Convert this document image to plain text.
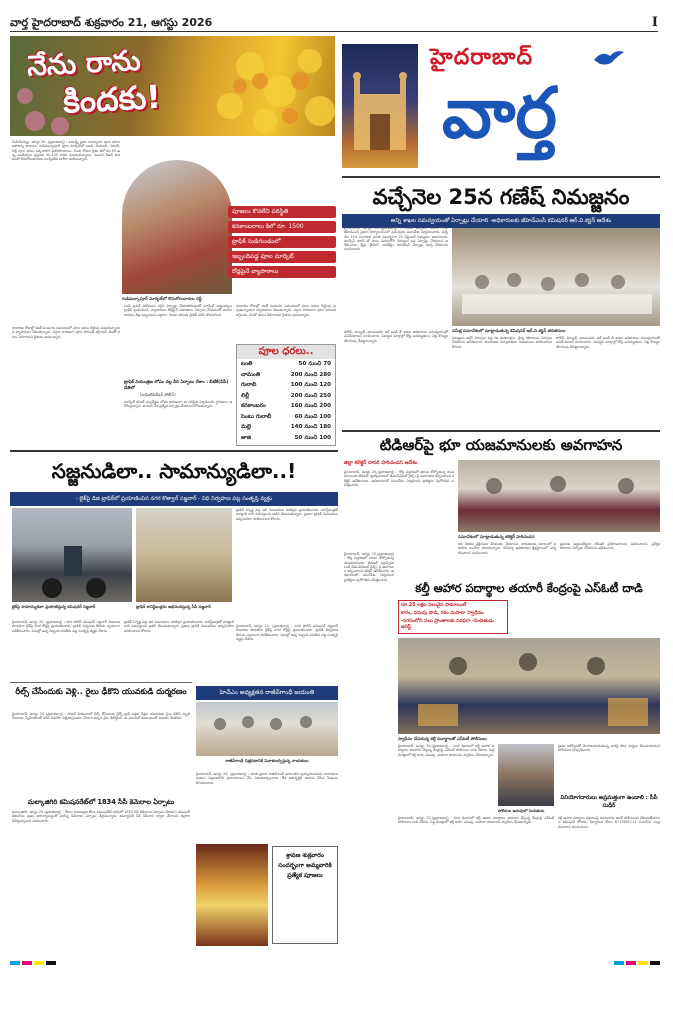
వార్త హైదరాబాద్ శుక్రవారం 21, ఆగస్టు 2026	I
నేను రాను
కిందకు!
హైదరాబాద్
వార్త
మెహిదీపట్నం, ఆగస్టు 20, (ప్రభాతవార్త) : వరలక్ష్మీ వ్రతం సందర్భంగా పూల ధరలు ఆకాశాన్ని తాకాయి. గుడిమల్కాపూర్ పూల మార్కెట్‌లో బంతి, చామంతి, గులాబీ, లిల్లీ పూల ధరలు ఒక్కసారిగా పెరిగిపోయాయి. రెండు రోజుల క్రితం కిలో రూ.50 ఉన్న బంతిపూలు ప్రస్తుతం రూ.100 వరకు పలుకుతున్నాయి. పండుగ సీజన్ కావడంతో కొనుగోలుదారులు మార్కెట్‌కు భారీగా తరలివచ్చారు.
పూజలు కొనలేని పరిస్థితి
కనకాంబరాలు కిలో రూ. 1500
ట్రాఫిక్ సుడిగుండంలో
ఇబ్బందిపడ్డ పూల మార్కెట్
రోడ్లపైనే వ్యాపారాలు
గుడిమల్కాపూర్ మార్కెట్‌లో కొనుగోలుదారుల రద్దీ
సాధారణ రోజుల్లో కంటే పండుగల సమయంలో పూల ధరలు రెట్టింపు అవుతున్నాయని వ్యాపారులు చెబుతున్నారు. వర్షాల కారణంగా పూల దిగుబడి తగ్గిందని, దీంతో ధరలు పెరిగాయని రైతులు అంటున్నారు.
ఎంపీ ట్రాఫిక్ పోలీసులు సరైన ఏర్పాట్లు చేయకపోవడంతో మార్కెట్ చుట్టుపక్కల ట్రాఫిక్ స్తంభించింది. వ్యాపారులు రోడ్లపైనే దుకాణాలు ఏర్పాటు చేయడంతో వాహనదారులు తీవ్ర ఇబ్బందులు పడ్డారు. గంటల తరబడి ట్రాఫిక్ జామ్ కొనసాగింది.
ట్రాఫిక్ నియంత్రణ లోపం వల్ల వీరి ఏర్పాటు చేశాం : బీటీకే(వీపీ) చేతిలో
(ఐడెంటిఫికేషన్ పోలీస్)
మార్కెట్ కమిటీ పర్యవేక్షణ లోపం కారణంగా ఈ పరిస్థితి ఏర్పడిందని స్థానికులు ఆరోపిస్తున్నారు. పండుగ వేళ ప్రత్యేక ఏర్పాట్లు చేయాలని కోరుతున్నారు.
సాధారణ రోజుల్లో కంటే పండుగల సమయంలో పూల ధరలు రెట్టింపు అవుతున్నాయని వ్యాపారులు చెబుతున్నారు. వర్షాల కారణంగా పూల దిగుబడి తగ్గిందని, దీంతో ధరలు పెరిగాయని రైతులు అంటున్నారు.
పూల ధరలు..
బంతి	50 నుంచి 70
చామంతి	200 నుంచి 280
గులాబి	100 నుంచి 120
లిల్లీ	200 నుంచి 250
కనకాంబరం	160 నుంచి 200
సెంటు గులాబీ	60 నుంచి 100
మల్లె	140 నుంచి 180
జాజి	50 నుంచి 100
వచ్చేనెల 25న గణేష్ నిమజ్జనం
అన్ని శాఖల సమన్వయంతో ఏర్పాట్లు చేయాలి -అధికారులకు జీహెచ్ఎంసీ కమిషనర్ ఆర్.వి.కర్ణన్ ఆదేశం
హైదరాబాద్, ఆగస్టు 20,(ప్రభాతవార్త) : గణేష్ ఉత్సవం 2026 రోజు జీహెచ్ఎంసీ ప్రధాన కార్యాలయంలో సమన్వయ సమావేశం నిర్వహించారు. వచ్చే నెల 14న వినాయక చవితి సందర్భంగా 25 సెప్టెంబర్ నిమజ్జనం జరుగనుంది. హుస్సేన్ సాగర్ తో పాటు నగరంలోని చెరువుల వద్ద ఏర్పాట్లు చేయాలని ఆదేశించారు. క్రేన్లు, లైటింగ్, బారికేడ్లు, శానిటేషన్ ఏర్పాట్లు పూర్తి చేయాలని సూచించారు.
సమీక్ష సమావేశంలో మాట్లాడుతున్న కమిషనర్ ఆర్.వి.కర్ణన్ తదితరులు
పోలీస్, విద్యుత్, జలమండలి, ఆర్ అండ్ బీ శాఖల అధికారులు సమన్వయంతో పనిచేయాలని సూచించారు. నిమజ్జన మార్గాల్లో రోడ్ల మరమ్మతులు, చెట్ల కొమ్మల తొలగింపు చేపట్టాలన్నారు.
నిమజ్జనం జరిగే చెరువుల వద్ద గజ ఈతగాళ్లను, వైద్య శిబిరాలను ఏర్పాటు చేయాలని ఆదేశించారు. మండపాల నిర్వాహకులు నిబంధనలు పాటించాలని కోరారు.
పోలీస్, విద్యుత్, జలమండలి, ఆర్ అండ్ బీ శాఖల అధికారులు సమన్వయంతో పనిచేయాలని సూచించారు. నిమజ్జన మార్గాల్లో రోడ్ల మరమ్మతులు, చెట్ల కొమ్మల తొలగింపు చేపట్టాలన్నారు.
టిడిఆర్‌పై భూ యజమానులకు అవగాహన
జిల్లా కలెక్టర్ దాసరి హరిచందన ఆదేశం
హైదరాబాద్, ఆగస్టు 20,(ప్రభాతవార్త) : రోడ్ల విస్తరణలో భూమి కోల్పోతున్న యజమానులకు టిడిఆర్ (ట్రాన్స్‌ఫరబుల్ డెవలప్‌మెంట్ రైట్స్) పై అవగాహన కల్పించాలని కలెక్టర్ ఆదేశించారు. అధికారులతో సమావేశం నిర్వహించి ప్రాజెక్టుల పురోగతిని సమీక్షించారు.
సమావేశంలో మాట్లాడుతున్న కలెక్టర్ హరిచందన
భూ సేకరణ ప్రక్రియను వేగవంతం చేయాలని, బాధితులకు సకాలంలో పరిహారం అందేలా చూడాలన్నారు. రెవెన్యూ అధికారులు క్షేత్రస్థాయిలో పర్యటించాలని సూచించారు.
ప్రజలకు అర్థమయ్యేలా టిడిఆర్ ప్రయోజనాలను వివరించాలని, ప్రత్యేక శిబిరాలు ఏర్పాటు చేయాలని ఆదేశించారు.
కల్తీ ఆహార పదార్థాల తయారీ కేంద్రంపై ఎస్ఓటీ దాడి
రూ.25 లక్షల విలువైన పామాయిల్
కారం, పసుపు పొడి, గరం మసాలా స్వాధీనం
-నగరంలోని పలు ప్రాంతాలకు సరఫరా -నిందితుడు అరెస్ట్
స్వాధీనం చేసుకున్న కల్తీ పదార్థాలతో ఎస్ఓటీ పోలీసులు
హైదరాబాద్, ఆగస్టు 20,(ప్రభాతవార్త) : నగర శివారులో కల్తీ ఆహార పదార్థాలు తయారు చేస్తున్న కేంద్రంపై ఎస్ఓటీ పోలీసులు దాడి చేశారు. పెద్ద మొత్తంలో కల్తీ కారం, పసుపు, మసాలా పొడులను స్వాధీనం చేసుకున్నారు.
పోలీసుల అదుపులో నిందితుడు
ప్రజల ఆరోగ్యంతో చెలగాటమాడుతున్న వారిపై కఠిన చర్యలు తీసుకుంటామని పోలీసులు హెచ్చరించారు.
వినియోగదారులు అప్రమత్తంగా ఉండాలి : సీపీ సుధీర్
కల్తీ ఆహార పదార్థాల విక్రయంపై సమాచారం ఉంటే పోలీసులకు తెలియజేయాలని కమిషనర్ కోరారు. ఫిర్యాదుల కోసం 8712661111 నంబర్‌ను సంప్రదించాలని సూచించారు.
హైదరాబాద్, ఆగస్టు 20,(ప్రభాతవార్త) : నగర శివారులో కల్తీ ఆహార పదార్థాలు తయారు చేస్తున్న కేంద్రంపై ఎస్ఓటీ పోలీసులు దాడి చేశారు. పెద్ద మొత్తంలో కల్తీ కారం, పసుపు, మసాలా పొడులను స్వాధీనం చేసుకున్నారు.
సజ్జనుడిలా.. సామాన్యుడిలా..!
- బైక్‌పై డిజి ట్రాఫిక్‌లో ప్రయాణించిన నగర కొత్వాల్ సజ్జనార్ - విధి నిర్వహణ పట్ల సంతృప్తి వ్యక్తం
బైక్‌పై సామాన్యుడిలా ప్రయాణిస్తున్న కమిషనర్ సజ్జనార్	ట్రాఫిక్ కానిస్టేబుళ్లను అభినందిస్తున్న సీపీ సజ్జనార్
ట్రాఫిక్ సిగ్నళ్ల వద్ద ఆగి నిబంధనలు పాటిస్తూ ప్రయాణించారు. కానిస్టేబుళ్లతో మాట్లాడి వారి సమస్యలను అడిగి తెలుసుకున్నారు. ప్రజలు ట్రాఫిక్ నిబంధనలు తప్పనిసరిగా పాటించాలని కోరారు.
హైదరాబాద్, ఆగస్టు 20, (ప్రభాతవార్త) : నగర పోలీస్ కమిషనర్ సజ్జనార్ సాధారణ పౌరుడిలా బైక్‌పై నగర రోడ్లపై ప్రయాణించారు. ట్రాఫిక్ నిర్వహణ తీరును స్వయంగా పరిశీలించారు. విధుల్లో ఉన్న సిబ్బంది పనితీరు పట్ల సంతృప్తి వ్యక్తం చేశారు.
ట్రాఫిక్ సిగ్నళ్ల వద్ద ఆగి నిబంధనలు పాటిస్తూ ప్రయాణించారు. కానిస్టేబుళ్లతో మాట్లాడి వారి సమస్యలను అడిగి తెలుసుకున్నారు. ప్రజలు ట్రాఫిక్ నిబంధనలు తప్పనిసరిగా పాటించాలని కోరారు.
హైదరాబాద్, ఆగస్టు 20, (ప్రభాతవార్త) : నగర పోలీస్ కమిషనర్ సజ్జనార్ సాధారణ పౌరుడిలా బైక్‌పై నగర రోడ్లపై ప్రయాణించారు. ట్రాఫిక్ నిర్వహణ తీరును స్వయంగా పరిశీలించారు. విధుల్లో ఉన్న సిబ్బంది పనితీరు పట్ల సంతృప్తి వ్యక్తం చేశారు.
రీల్స్ చేసేందుకు వెళ్లి.. రైలు ఢీకొని యువకుడి దుర్మరణం
హైదరాబాద్, ఆగస్టు 20 (ప్రభాతవార్త) : సోషల్ మీడియాలో రీల్స్ చేసేందుకు రైల్వే ట్రాక్ వద్దకు వెళ్లిన యువకుడు రైలు ఢీకొని మృతి చెందాడు. స్నేహితులతో కలిసి వీడియో చిత్రీకరిస్తుండగా వేగంగా వచ్చిన రైలు ఢీకొట్టింది. ఈ ఘటనతో కుటుంబంలో విషాదం నెలకొంది.
మల్కాజిగిరి కమిషనరేట్‌లో 1834 సీసీ కెమెరాల ఏర్పాటు
మల్కాజిగిరి, ఆగస్టు 20 (ప్రభాతవార్త) : నేరాల నియంత్రణ కోసం కమిషనరేట్ పరిధిలో 1834 సీసీ కెమెరాలు ఏర్పాటు చేశామని కమిషనర్ తెలిపారు. ప్రజల భాగస్వామ్యంతో మరిన్ని కెమెరాలు ఏర్పాటు చేస్తామన్నారు. కమ్యూనిటీ సీసీ కెమెరాల ద్వారా నేరాలను త్వరగా ఛేదిస్తున్నామని వివరించారు.
హెచ్ఎం అధ్యక్షతన రాజీవ్‌గాంధీ జయంతి
రాజీవ్‌గాంధీ చిత్రపటానికి నివాళులర్పిస్తున్న నాయకులు
హైదరాబాద్, ఆగస్టు 20, (ప్రభాతవార్త) : మాజీ ప్రధాని రాజీవ్‌గాంధీ జయంతిని పురస్కరించుకుని నాయకులు ఆయన చిత్రపటానికి పూలమాలలు వేసి నివాళులర్పించారు. దేశ అభివృద్ధికి ఆయన చేసిన సేవలను కొనియాడారు.
శ్రావణ శుక్రవారం సందర్భంగా అమ్మవారికి ప్రత్యేక పూజలు
హైదరాబాద్, ఆగస్టు 20,(ప్రభాతవార్త) : రోడ్ల విస్తరణలో భూమి కోల్పోతున్న యజమానులకు టిడిఆర్ (ట్రాన్స్‌ఫరబుల్ డెవలప్‌మెంట్ రైట్స్) పై అవగాహన కల్పించాలని కలెక్టర్ ఆదేశించారు. అధికారులతో సమావేశం నిర్వహించి ప్రాజెక్టుల పురోగతిని సమీక్షించారు.
